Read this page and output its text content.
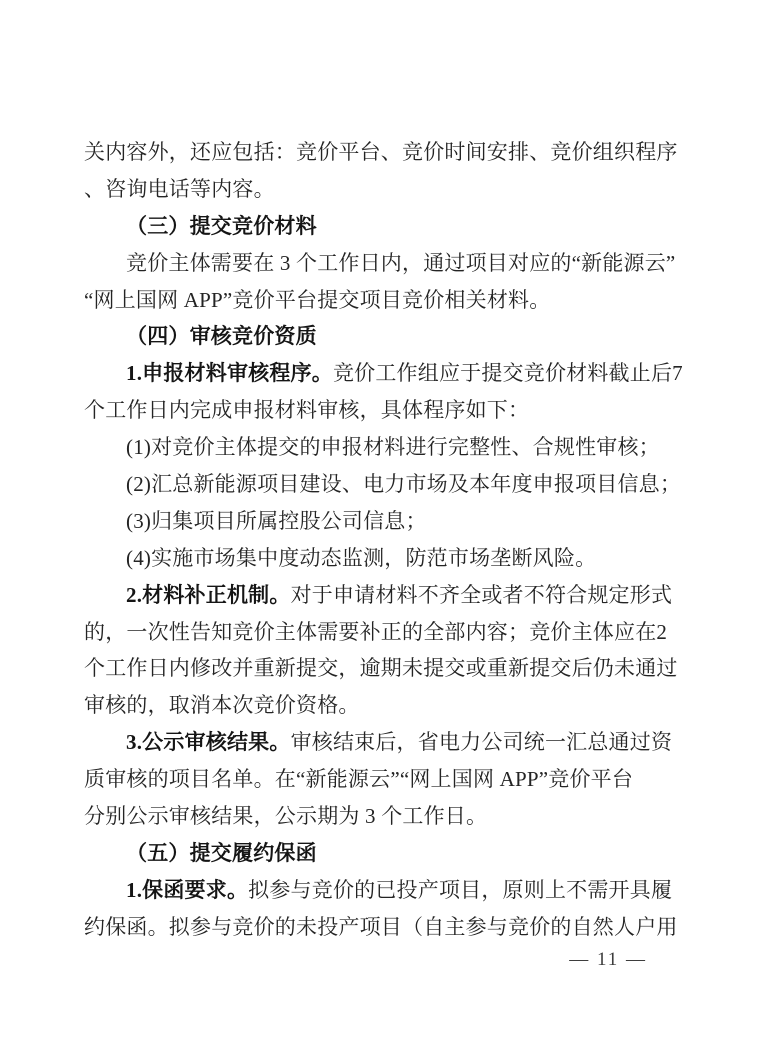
关内容外，还应包括：竞价平台、竞价时间安排、竞价组织程序
、咨询电话等内容。
（三）提交竞价材料
竞价主体需要在 3 个工作日内，通过项目对应的“新能源云”
“网上国网 APP”竞价平台提交项目竞价相关材料。
（四）审核竞价资质
1.申报材料审核程序。竞价工作组应于提交竞价材料截止后7
个工作日内完成申报材料审核，具体程序如下：
(1)对竞价主体提交的申报材料进行完整性、合规性审核；
(2)汇总新能源项目建设、电力市场及本年度申报项目信息；
(3)归集项目所属控股公司信息；
(4)实施市场集中度动态监测，防范市场垄断风险。
2.材料补正机制。对于申请材料不齐全或者不符合规定形式
的，一次性告知竞价主体需要补正的全部内容；竞价主体应在2
个工作日内修改并重新提交，逾期未提交或重新提交后仍未通过
审核的，取消本次竞价资格。
3.公示审核结果。审核结束后，省电力公司统一汇总通过资
质审核的项目名单。在“新能源云”“网上国网 APP”竞价平台
分别公示审核结果，公示期为 3 个工作日。
（五）提交履约保函
1.保函要求。拟参与竞价的已投产项目，原则上不需开具履
约保函。拟参与竞价的未投产项目（自主参与竞价的自然人户用
— 11 —
